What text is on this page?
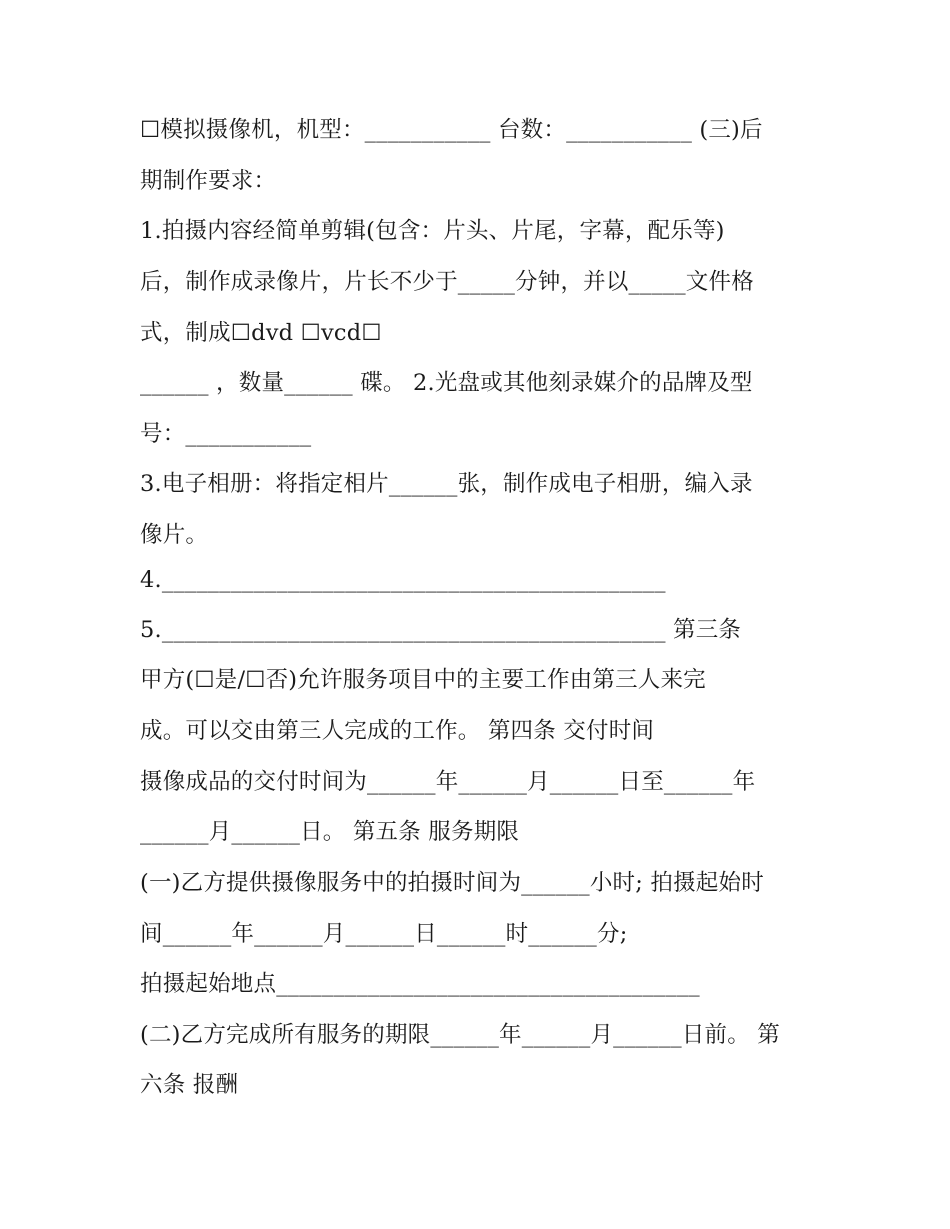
☐模拟摄像机，机型：___________ 台数：___________ (三)后
期制作要求：
1.拍摄内容经简单剪辑(包含：片头、片尾，字幕，配乐等)
后，制作成录像片，片长不少于_____分钟，并以_____文件格
式，制成☐dvd ☐vcd☐
______ ，数量______ 碟。 2.光盘或其他刻录媒介的品牌及型
号：___________
3.电子相册：将指定相片______张，制作成电子相册，编入录
像片。
4.____________________________________________
5.____________________________________________ 第三条
甲方(☐是/☐否)允许服务项目中的主要工作由第三人来完
成。可以交由第三人完成的工作。 第四条 交付时间
摄像成品的交付时间为______年______月______日至______年
______月______日。 第五条 服务期限
(一)乙方提供摄像服务中的拍摄时间为______小时; 拍摄起始时
间______年______月______日______时______分;
拍摄起始地点_____________________________________
(二)乙方完成所有服务的期限______年______月______日前。 第
六条 报酬
